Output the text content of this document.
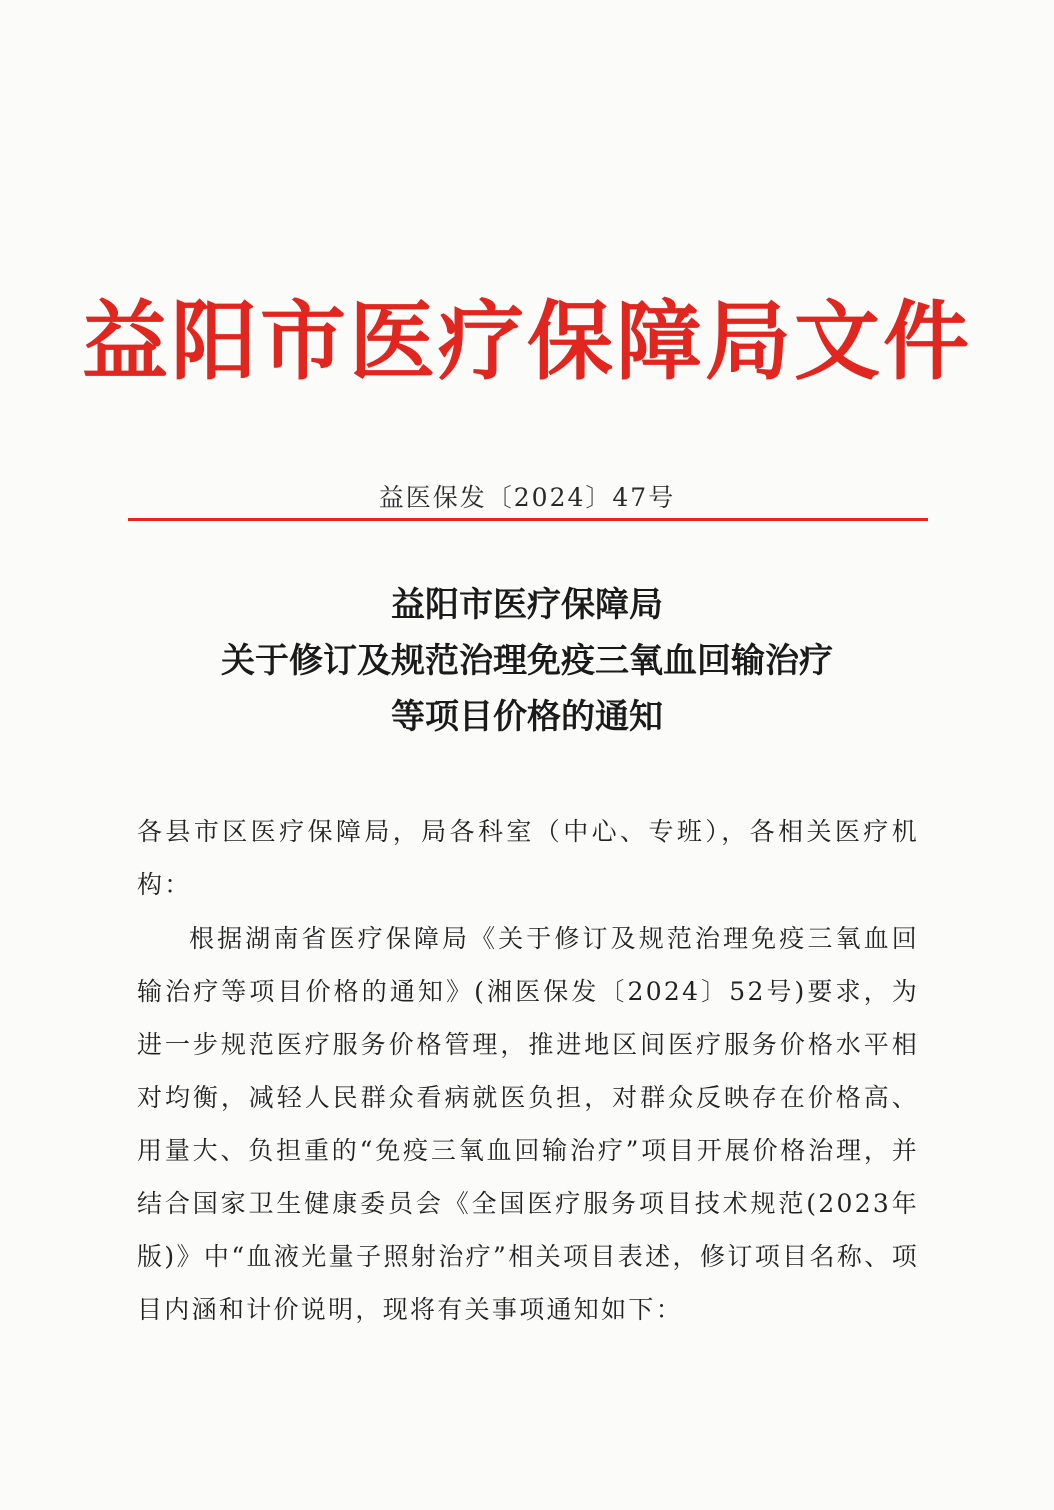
益阳市医疗保障局文件
益医保发〔2024〕47号
益阳市医疗保障局
关于修订及规范治理免疫三氧血回输治疗
等项目价格的通知
各县市区医疗保障局，局各科室（中心、专班），各相关医疗机构：
根据湖南省医疗保障局《关于修订及规范治理免疫三氧血回输治疗等项目价格的通知》(湘医保发〔2024〕52号)要求，为进一步规范医疗服务价格管理，推进地区间医疗服务价格水平相对均衡，减轻人民群众看病就医负担，对群众反映存在价格高、用量大、负担重的“免疫三氧血回输治疗”项目开展价格治理，并结合国家卫生健康委员会《全国医疗服务项目技术规范(2023年版)》中“血液光量子照射治疗”相关项目表述，修订项目名称、项目内涵和计价说明，现将有关事项通知如下：
